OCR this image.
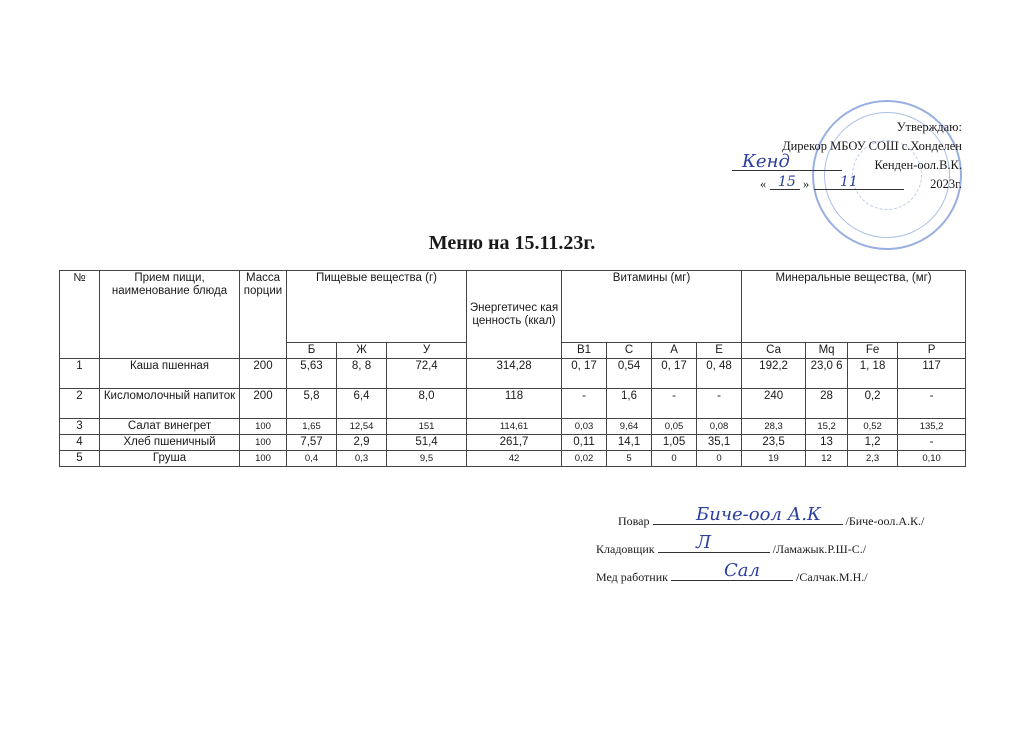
Утверждаю:
Дирекор МБОУ СОШ с.Хонделен
Кенд	Кенден-оол.В.К.
« 15 » 11	2023г.
Меню на 15.11.23г.
№	Прием пищи, наименование блюда	Масса порции	Пищевые вещества (г)			Энергетичес кая ценность (ккал)	Витамины (мг)				Минеральные вещества, (мг)			
			Б	Ж	У		В1	С	А	Е	Са	Mq	Fe	Р
1	Каша пшенная	200	5,63	8, 8	72,4	314,28	0, 17	0,54	0, 17	0, 48	192,2	23,0 6	1, 18	117
2	Кисломолочный напиток	200	5,8	6,4	8,0	118	-	1,6	-	-	240	28	0,2	-
3	Салат винегрет	100	1,65	12,54	151	114,61	0,03	9,64	0,05	0,08	28,3	15,2	0,52	135,2
4	Хлеб пшеничный	100	7,57	2,9	51,4	261,7	0,11	14,1	1,05	35,1	23,5	13	1,2	-
5	Груша	100	0,4	0,3	9,5	42	0,02	5	0	0	19	12	2,3	0,10
Повар	Биче-оол А.К /Биче-оол.А.К./
Кладовщик Л	/Ламажык.Р.Ш-С./
Мед работник	Сал	/Салчак.М.Н./
